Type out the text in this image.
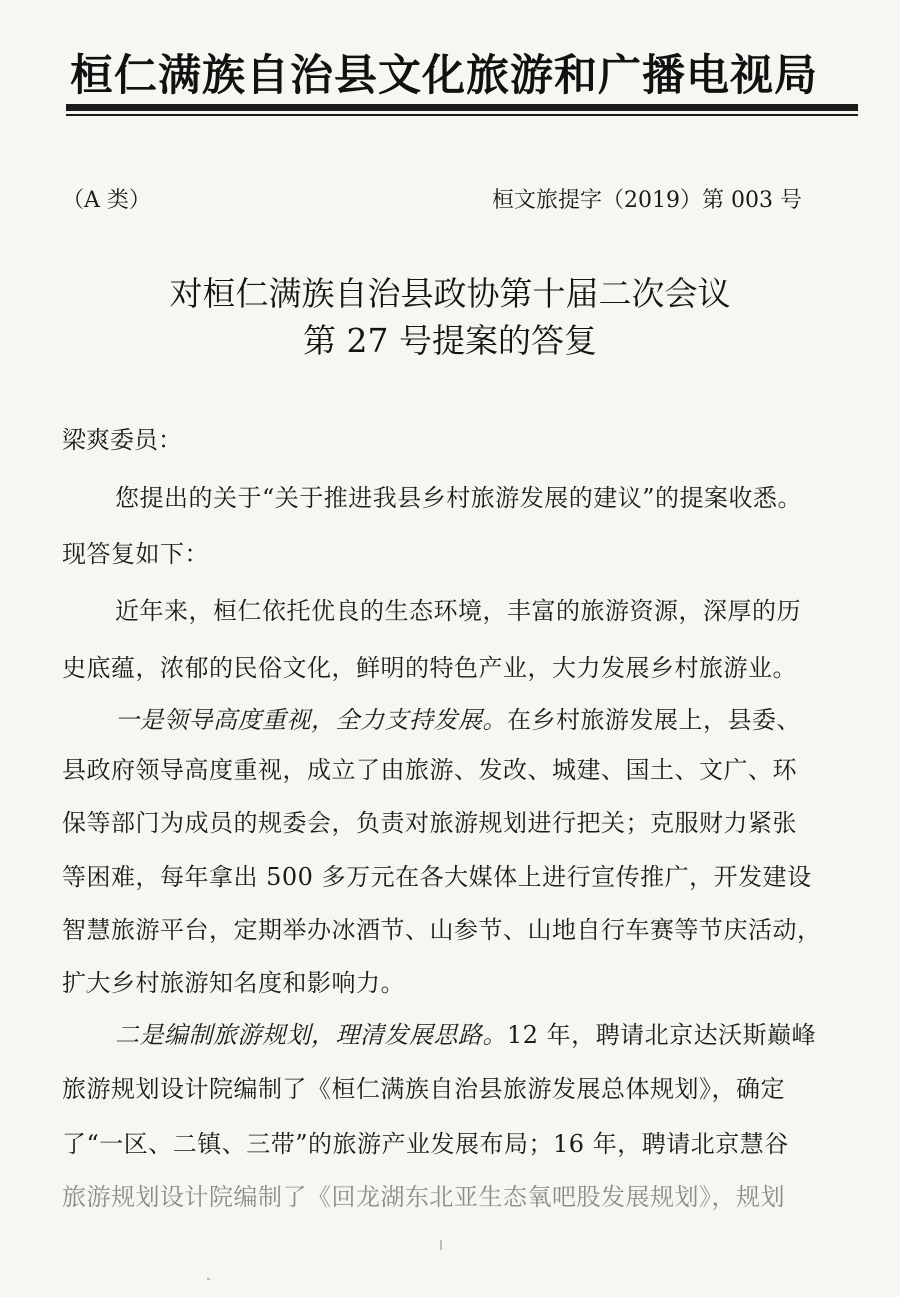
桓仁满族自治县文化旅游和广播电视局
（A 类）	桓文旅提字（2019）第 003 号
对桓仁满族自治县政协第十届二次会议
第 27 号提案的答复
梁爽委员：
您提出的关于“关于推进我县乡村旅游发展的建议”的提案收悉。
现答复如下：
近年来，桓仁依托优良的生态环境，丰富的旅游资源，深厚的历
史底蕴，浓郁的民俗文化，鲜明的特色产业，大力发展乡村旅游业。
一是领导高度重视，全力支持发展。在乡村旅游发展上，县委、
县政府领导高度重视，成立了由旅游、发改、城建、国土、文广、环
保等部门为成员的规委会，负责对旅游规划进行把关；克服财力紧张
等困难，每年拿出 500 多万元在各大媒体上进行宣传推广，开发建设
智慧旅游平台，定期举办冰酒节、山参节、山地自行车赛等节庆活动，
扩大乡村旅游知名度和影响力。
二是编制旅游规划，理清发展思路。12 年，聘请北京达沃斯巅峰
旅游规划设计院编制了《桓仁满族自治县旅游发展总体规划》，确定
了“一区、二镇、三带”的旅游产业发展布局；16 年，聘请北京慧谷
旅游规划设计院编制了《回龙湖东北亚生态氧吧股发展规划》，规划
